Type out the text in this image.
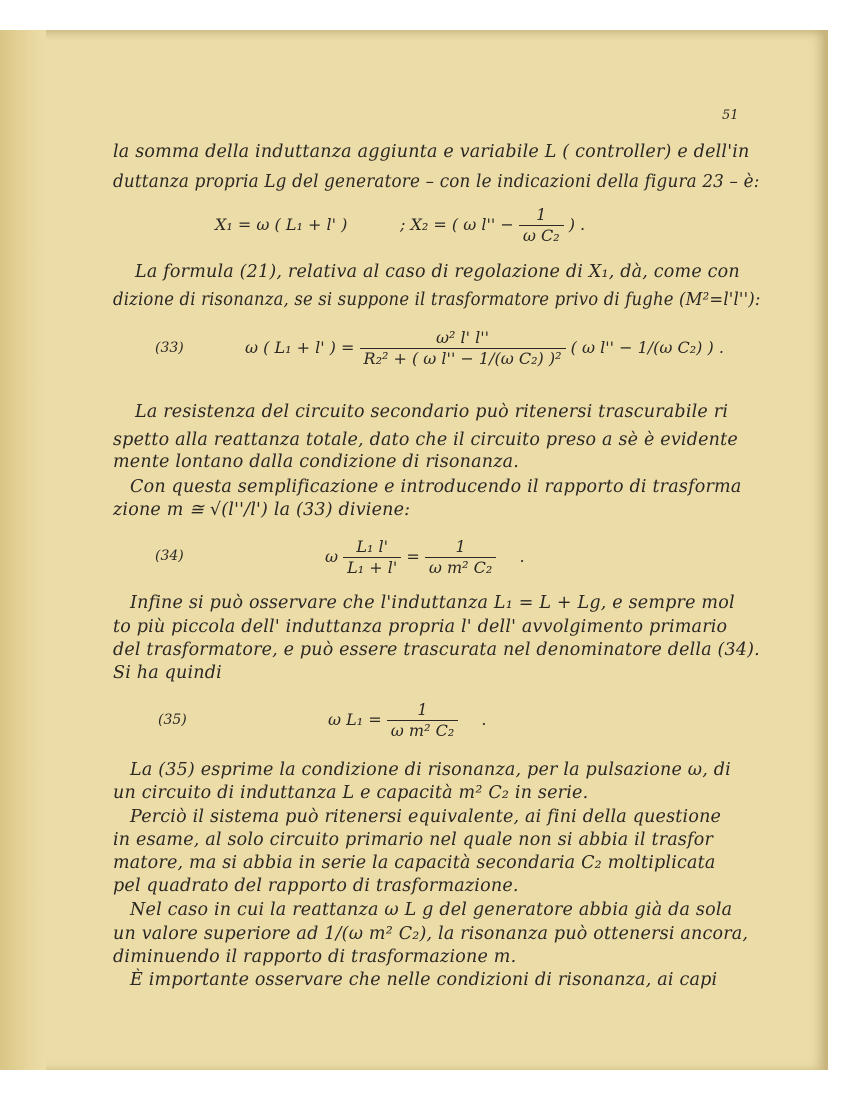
51
la somma della induttanza aggiunta e variabile L ( controller) e dell'in
duttanza propria Lg del generatore – con le indicazioni della figura 23 – è:
X₁ = ω ( L₁ + l' )	; X₂ = ( ω $l'' - \frac{1}{\text{ω C₂}}$ ) .
La formula (21), relativa al caso di regolazione di X₁, dà, come con
dizione di risonanza, se si suppone il trasformatore privo di fughe (M²=l'l''):
(33)	ω ( L₁ + l' ) = $\frac{\text{ω² l' l''}}{\text{R₂² + ( ω l'' − 1/(ω C₂) )²}}$ ( ω l'' − 1/(ω C₂) ) .
La resistenza del circuito secondario può ritenersi trascurabile ri
spetto alla reattanza totale, dato che il circuito preso a sè è evidente
mente lontano dalla condizione di risonanza.
Con questa semplificazione e introducendo il rapporto di trasforma
zione m ≅ √(l''/l') la (33) diviene:
(34)	ω $\frac{\text{L₁ l'}}{\text{L₁ + l'}} = \frac{1}{\text{ω m² C₂}}$ .
Infine si può osservare che l'induttanza L₁ = L + Lg, e sempre mol
to più piccola dell' induttanza propria l' dell' avvolgimento primario
del trasformatore, e può essere trascurata nel denominatore della (34).
Si ha quindi
(35)	ω $L_1 = \frac{1}{\text{ω m² C₂}}$ .
La (35) esprime la condizione di risonanza, per la pulsazione ω, di
un circuito di induttanza L e capacità m² C₂ in serie.
Perciò il sistema può ritenersi equivalente, ai fini della questione
in esame, al solo circuito primario nel quale non si abbia il trasfor
matore, ma si abbia in serie la capacità secondaria C₂ moltiplicata
pel quadrato del rapporto di trasformazione.
Nel caso in cui la reattanza ω L g del generatore abbia già da sola
un valore superiore ad 1/(ω m² C₂), la risonanza può ottenersi ancora,
diminuendo il rapporto di trasformazione m.
È importante osservare che nelle condizioni di risonanza, ai capi
